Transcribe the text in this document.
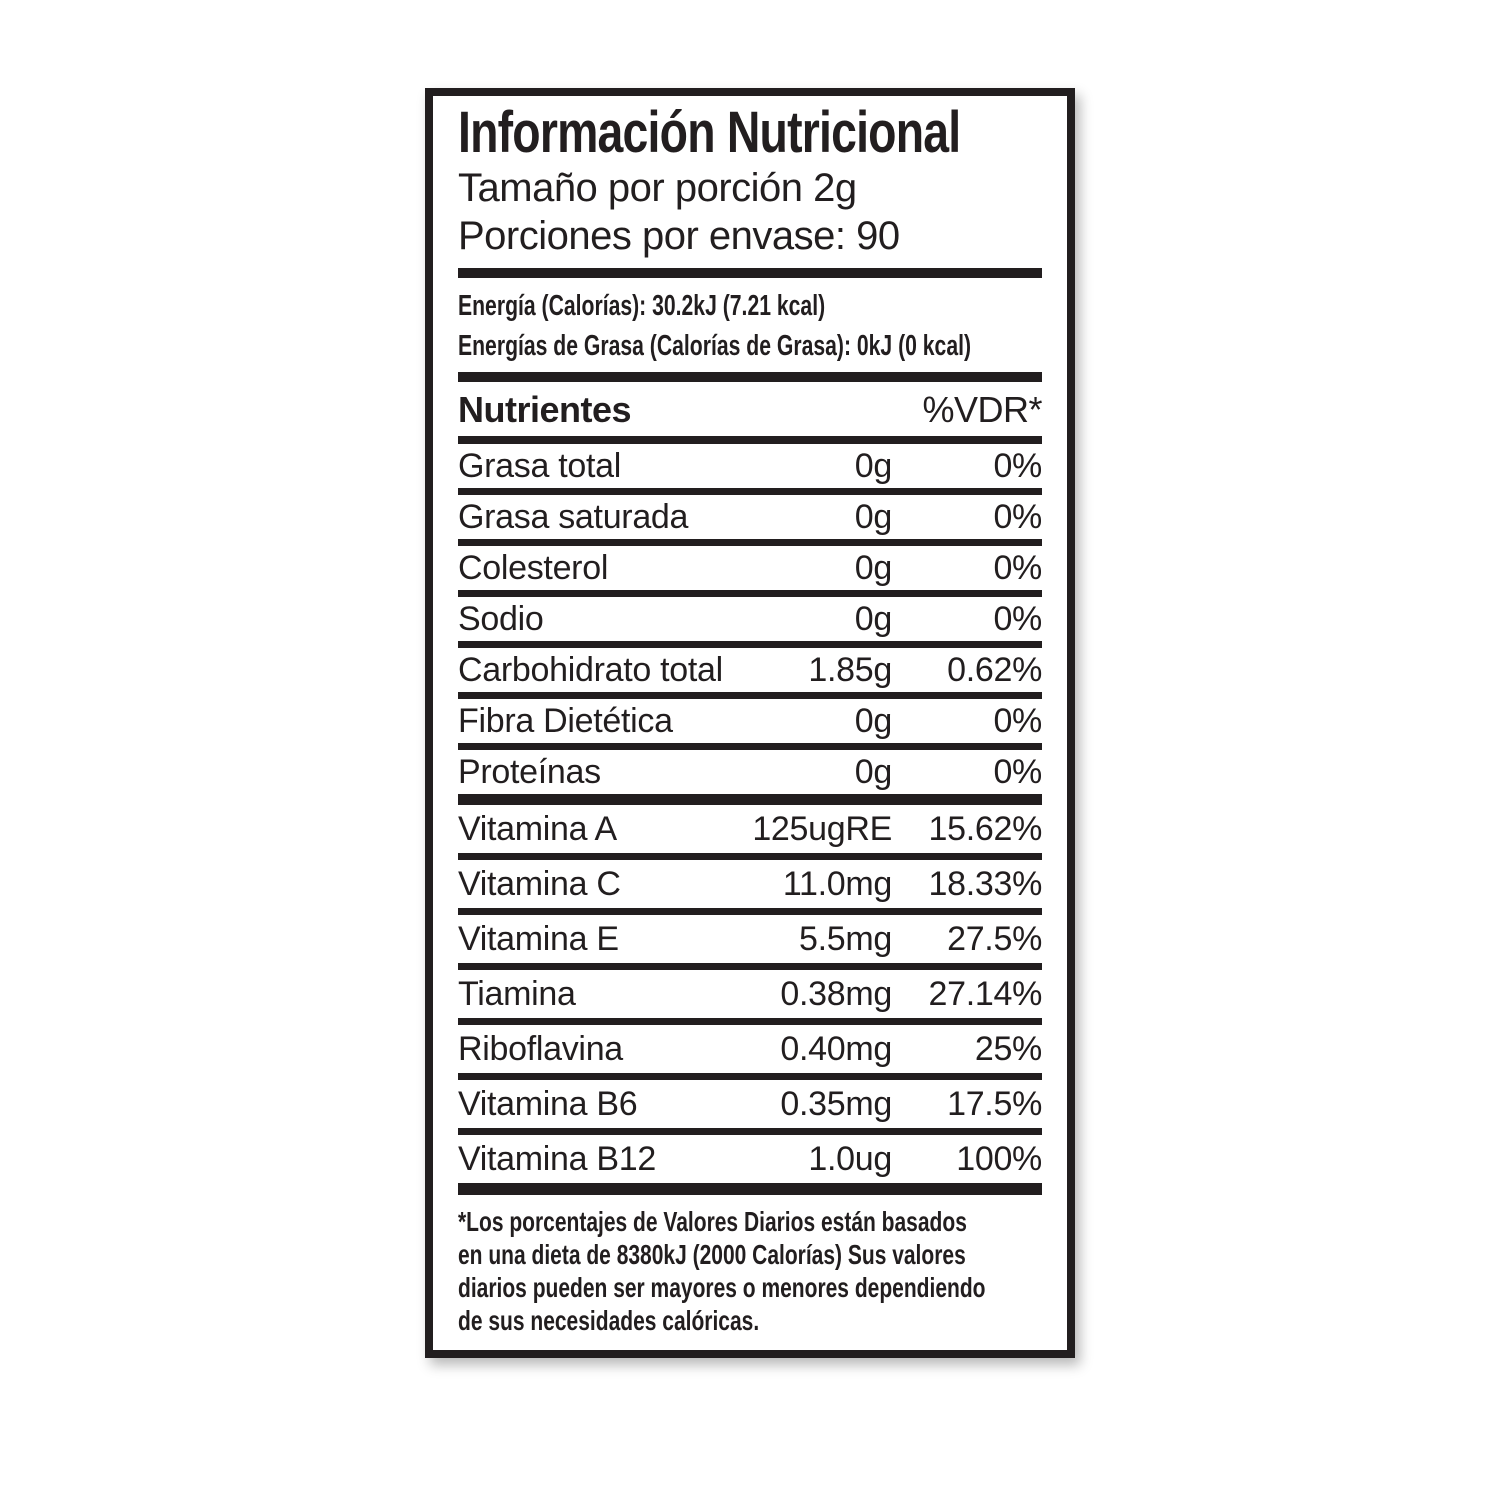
Información Nutricional
Tamaño por porción 2g
Porciones por envase: 90
Energía (Calorías): 30.2kJ (7.21 kcal)
Energías de Grasa (Calorías de Grasa): 0kJ (0 kcal)
Nutrientes	%VDR*
Grasa total	0g	0%
Grasa saturada	0g	0%
Colesterol	0g	0%
Sodio	0g	0%
Carbohidrato total	1.85g	0.62%
Fibra Dietética	0g	0%
Proteínas	0g	0%
Vitamina A	125ugRE	15.62%
Vitamina C	11.0mg	18.33%
Vitamina E	5.5mg	27.5%
Tiamina	0.38mg	27.14%
Riboflavina	0.40mg	25%
Vitamina B6	0.35mg	17.5%
Vitamina B12	1.0ug	100%
*Los porcentajes de Valores Diarios están basados
en una dieta de 8380kJ (2000 Calorías) Sus valores
diarios pueden ser mayores o menores dependiendo
de sus necesidades calóricas.
